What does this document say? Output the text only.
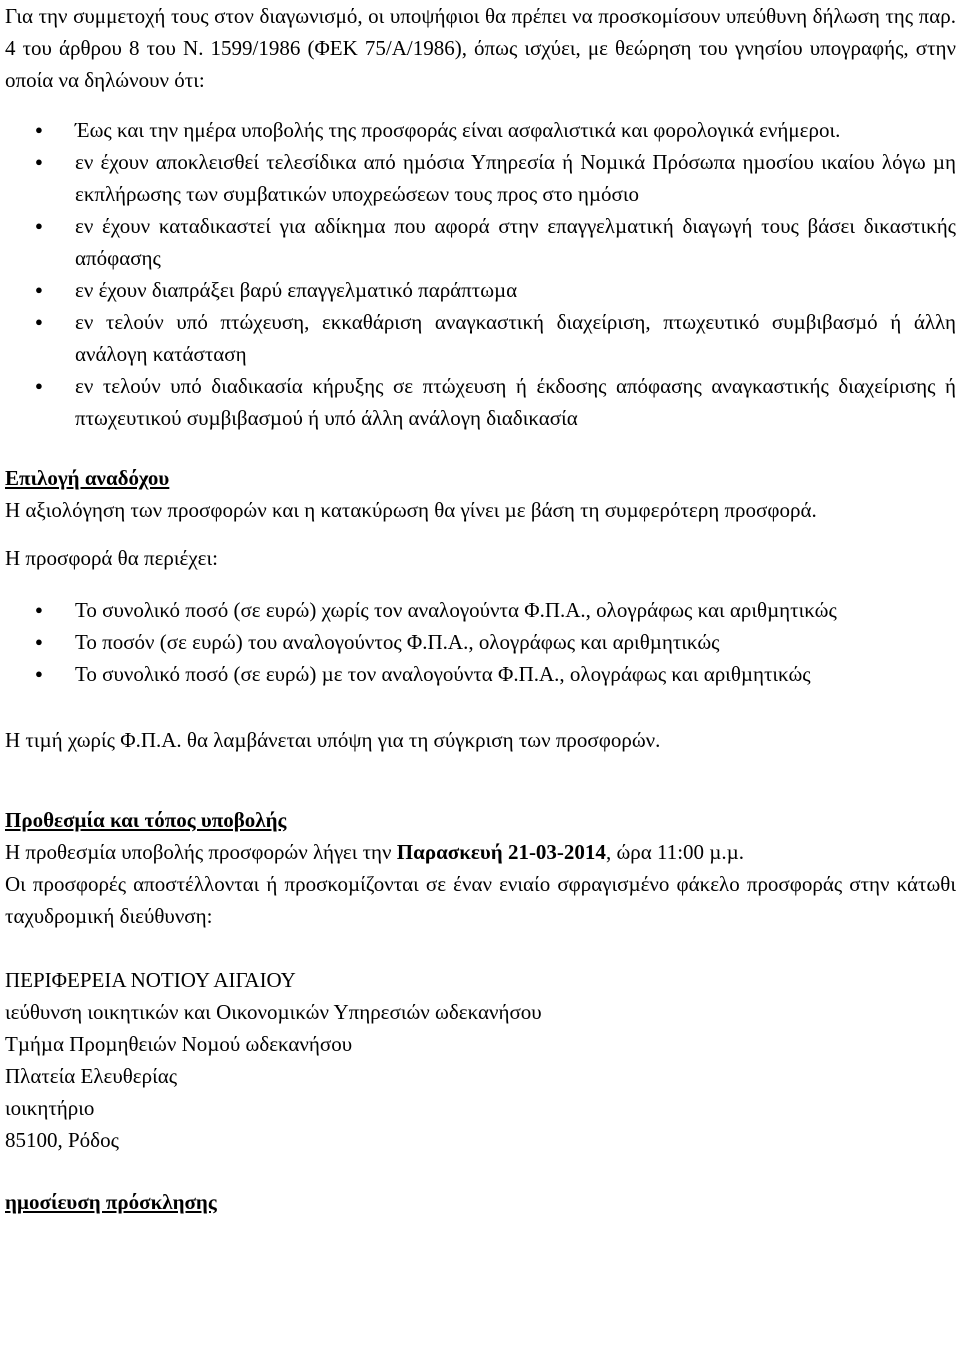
Για την συμμετοχή τους στον διαγωνισμό, οι υποψήφιοι θα πρέπει να προσκομίσουν υπεύθυνη δήλωση της παρ. 4 του άρθρου 8 του Ν. 1599/1986 (ΦΕΚ 75/Α/1986), όπως ισχύει, με θεώρηση του γνησίου υπογραφής, στην οποία να δηλώνουν ότι:

● Έως και την ημέρα υποβολής της προσφοράς είναι ασφαλιστικά και φορολογικά ενήμεροι.
● εν έχουν αποκλεισθεί τελεσίδικα από ηµόσια Υπηρεσία ή Νοµικά Πρόσωπα ηµοσίου ικαίου λόγω µη εκπλήρωσης των συµβατικών υποχρεώσεων τους προς στο ηµόσιο
● εν έχουν καταδικαστεί για αδίκηµα που αφορά στην επαγγελµατική διαγωγή τους βάσει δικαστικής απόφασης
● εν έχουν διαπράξει βαρύ επαγγελµατικό παράπτωµα
● εν τελούν υπό πτώχευση, εκκαθάριση αναγκαστική διαχείριση, πτωχευτικό συµβιβασµό ή άλλη ανάλογη κατάσταση
● εν τελούν υπό διαδικασία κήρυξης σε πτώχευση ή έκδοσης απόφασης αναγκαστικής διαχείρισης ή πτωχευτικού συµβιβασµού ή υπό άλλη ανάλογη διαδικασία

Επιλογή αναδόχου

Η αξιολόγηση των προσφορών και η κατακύρωση θα γίνει µε βάση τη συµφερότερη προσφορά.

Η προσφορά θα περιέχει:

● Το συνολικό ποσό (σε ευρώ) χωρίς τον αναλογούντα Φ.Π.Α., ολογράφως και αριθµητικώς
● Το ποσόν (σε ευρώ) του αναλογούντος Φ.Π.Α., ολογράφως και αριθµητικώς
● Το συνολικό ποσό (σε ευρώ) µε τον αναλογούντα Φ.Π.Α., ολογράφως και αριθµητικώς

Η τιµή χωρίς Φ.Π.Α. θα λαµβάνεται υπόψη για τη σύγκριση των προσφορών.

Προθεσµία και τόπος υποβολής

Η προθεσµία υποβολής προσφορών λήγει την Παρασκευή 21-03-2014, ώρα 11:00 µ.µ.

Οι προσφορές αποστέλλονται ή προσκοµίζονται σε έναν ενιαίο σφραγισµένο φάκελο προσφοράς στην κάτωθι ταχυδροµική διεύθυνση:

ΠΕΡΙΦΕΡΕΙΑ ΝΟΤΙΟΥ ΑΙΓΑΙΟΥ

ιεύθυνση ιοικητικών και Οικονοµικών Υπηρεσιών ωδεκανήσου

Τµήµα Προµηθειών Νοµού ωδεκανήσου

Πλατεία Ελευθερίας

ιοικητήριο

85100, Ρόδος

ηµοσίευση πρόσκλησης
